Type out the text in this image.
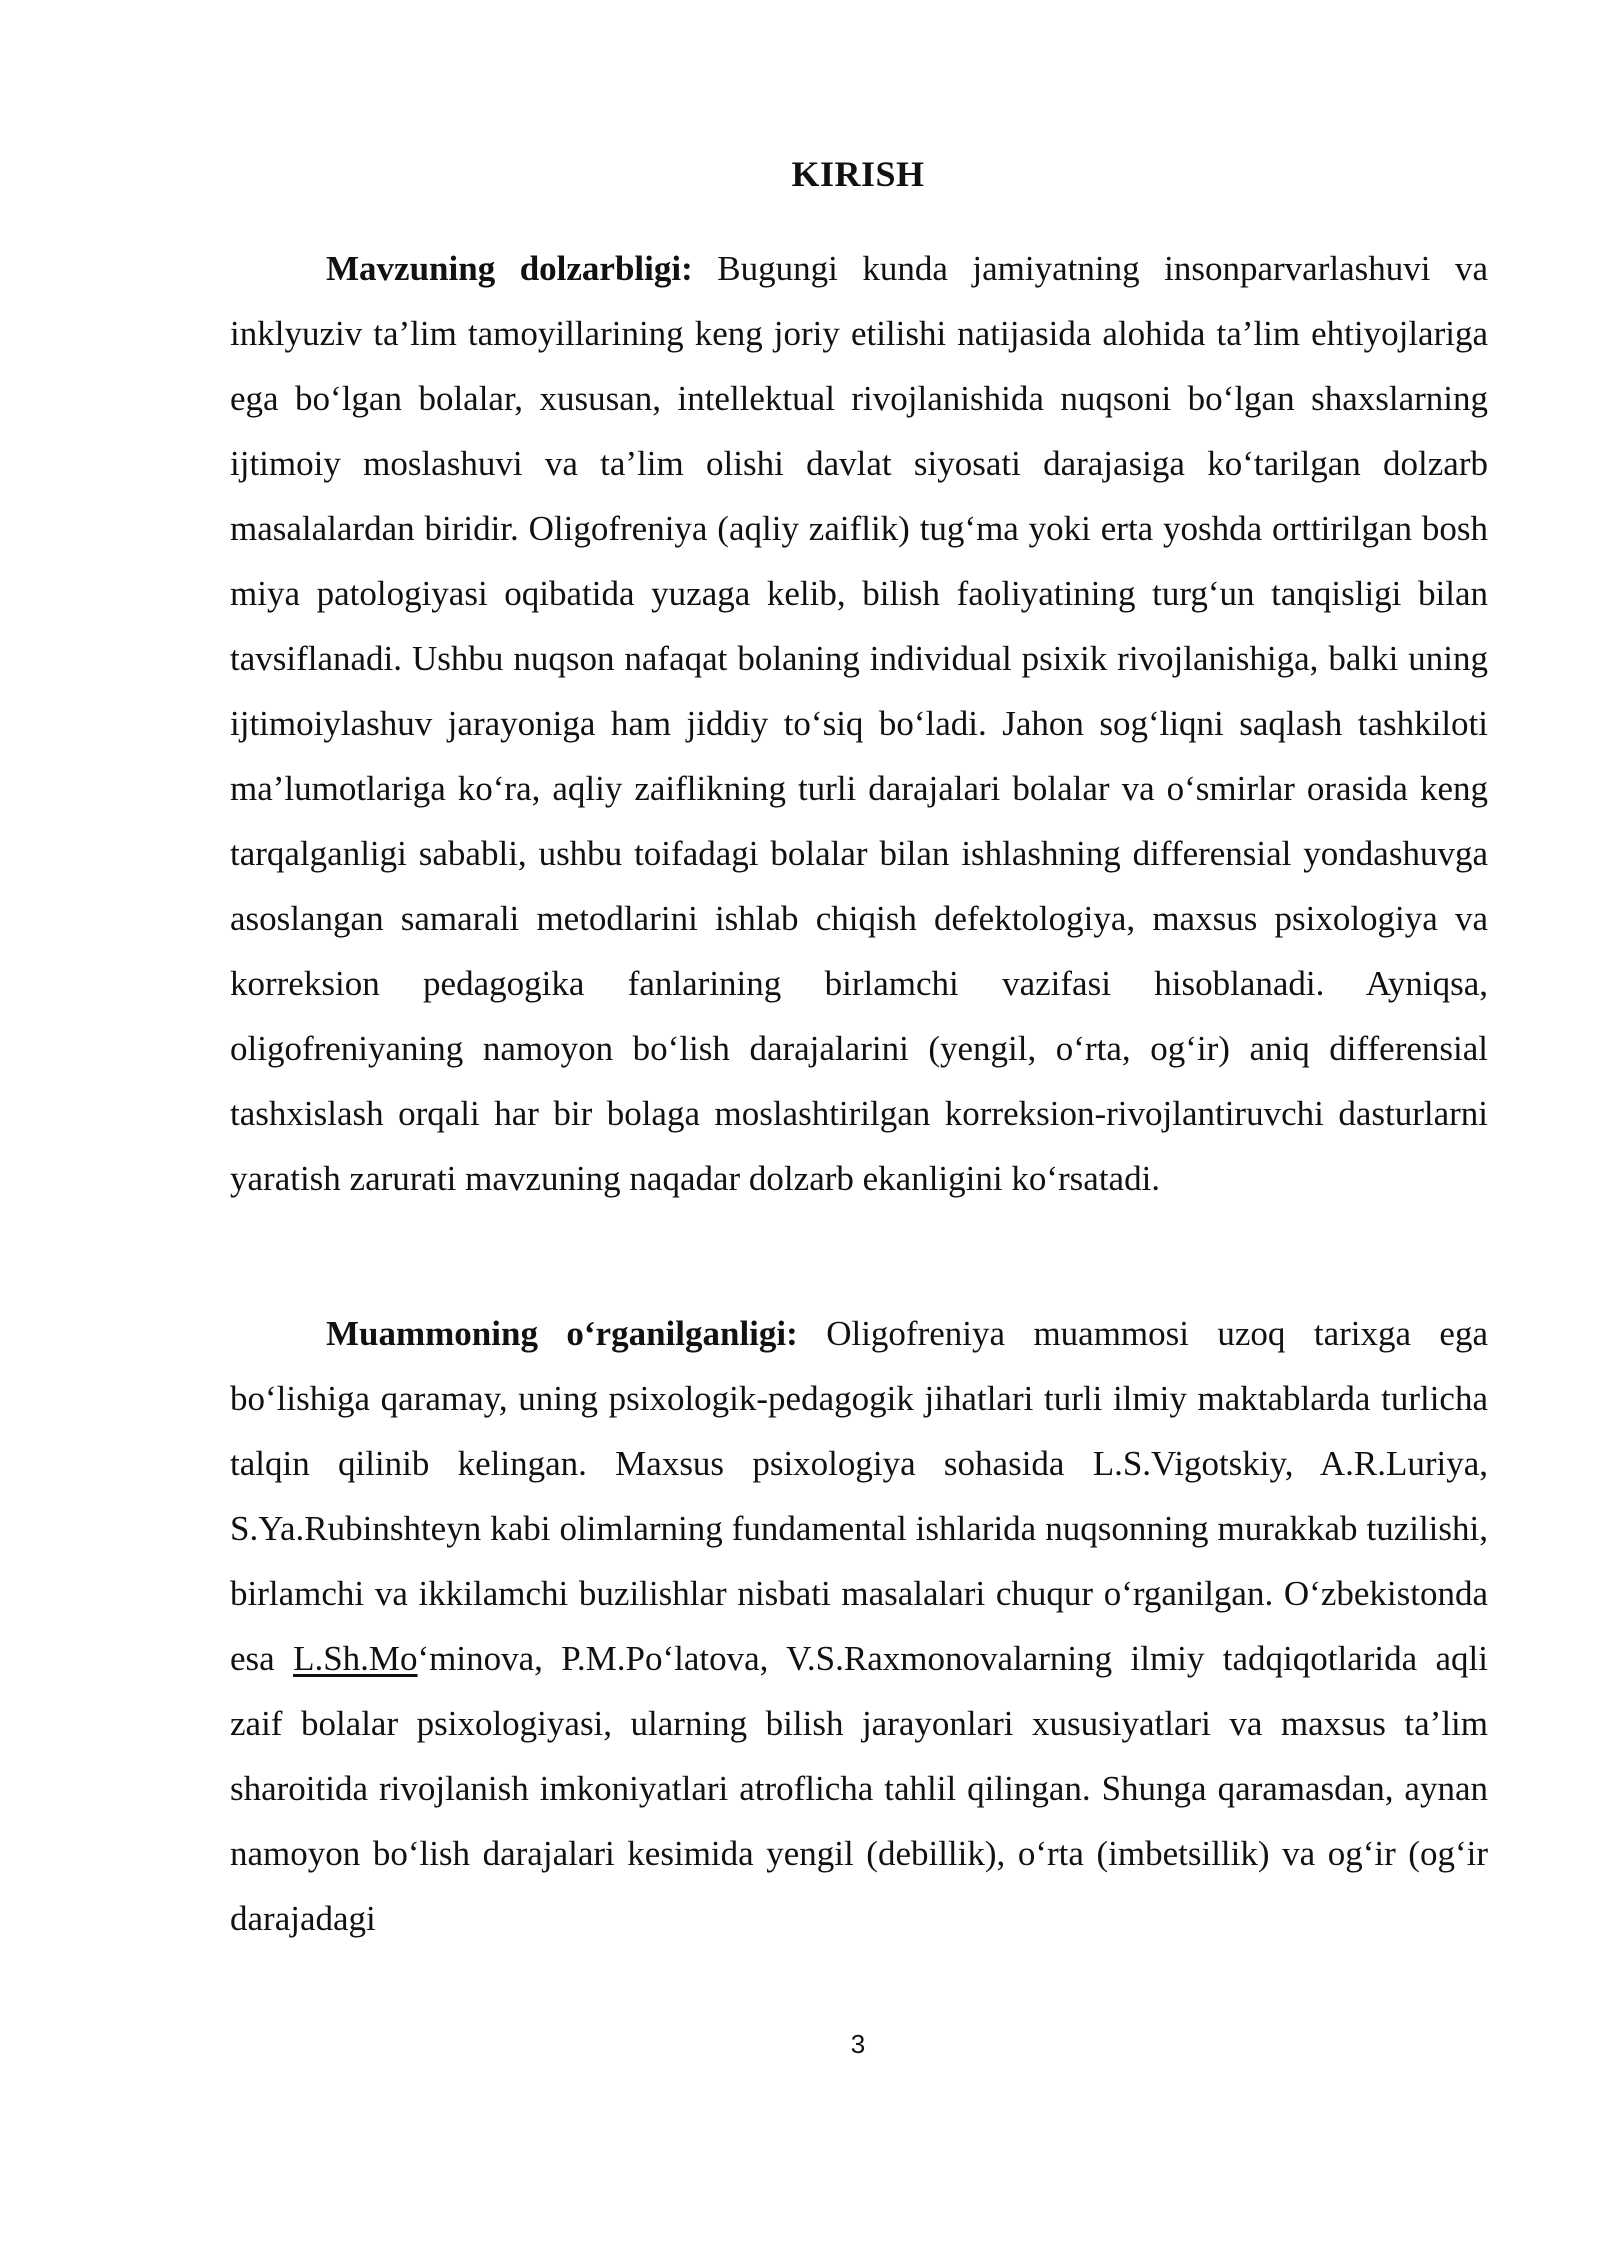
KIRISH

Mavzuning dolzarbligi: Bugungi kunda jamiyatning insonparvarlashuvi va inklyuziv ta’lim tamoyillarining keng joriy etilishi natijasida alohida ta’lim ehtiyojlariga ega bo‘lgan bolalar, xususan, intellektual rivojlanishida nuqsoni bo‘lgan shaxslarning ijtimoiy moslashuvi va ta’lim olishi davlat siyosati darajasiga ko‘tarilgan dolzarb masalalardan biridir. Oligofreniya (aqliy zaiflik) tug‘ma yoki erta yoshda orttirilgan bosh miya patologiyasi oqibatida yuzaga kelib, bilish faoliyatining turg‘un tanqisligi bilan tavsiflanadi. Ushbu nuqson nafaqat bolaning individual psixik rivojlanishiga, balki uning ijtimoiylashuv jarayoniga ham jiddiy to‘siq bo‘ladi. Jahon sog‘liqni saqlash tashkiloti ma’lumotlariga ko‘ra, aqliy zaiflikning turli darajalari bolalar va o‘smirlar orasida keng tarqalganligi sababli, ushbu toifadagi bolalar bilan ishlashning differensial yondashuvga asoslangan samarali metodlarini ishlab chiqish defektologiya, maxsus psixologiya va korreksion pedagogika fanlarining birlamchi vazifasi hisoblanadi. Ayniqsa, oligofreniyaning namoyon bo‘lish darajalarini (yengil, o‘rta, og‘ir) aniq differensial tashxislash orqali har bir bolaga moslashtirilgan korreksion-rivojlantiruvchi dasturlarni yaratish zarurati mavzuning naqadar dolzarb ekanligini ko‘rsatadi.

Muammoning o‘rganilganligi: Oligofreniya muammosi uzoq tarixga ega bo‘lishiga qaramay, uning psixologik-pedagogik jihatlari turli ilmiy maktablarda turlicha talqin qilinib kelingan. Maxsus psixologiya sohasida L.S.Vigotskiy, A.R.Luriya, S.Ya.Rubinshteyn kabi olimlarning fundamental ishlarida nuqsonning murakkab tuzilishi, birlamchi va ikkilamchi buzilishlar nisbati masalalari chuqur o‘rganilgan. O‘zbekistonda esa L.Sh.Mo‘minova, P.M.Po‘latova, V.S.Raxmonovalarning ilmiy tadqiqotlarida aqli zaif bolalar psixologiyasi, ularning bilish jarayonlari xususiyatlari va maxsus ta’lim sharoitida rivojlanish imkoniyatlari atroflicha tahlil qilingan. Shunga qaramasdan, aynan namoyon bo‘lish darajalari kesimida yengil (debillik), o‘rta (imbetsillik) va og‘ir (og‘ir darajadagi

3
